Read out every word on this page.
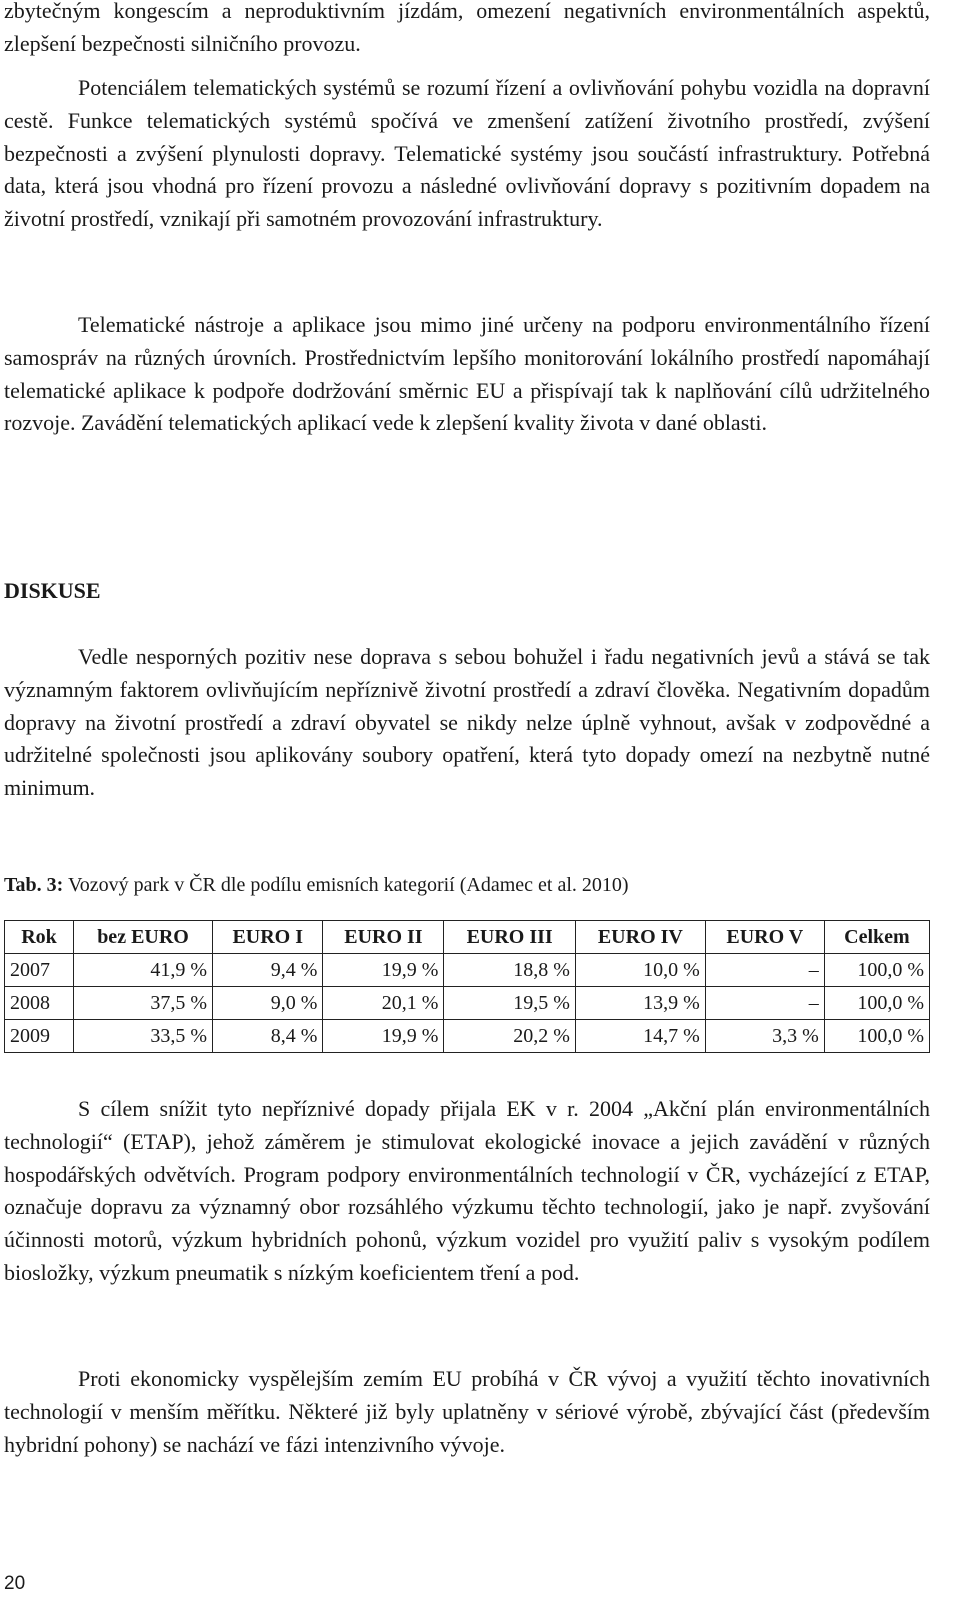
zbytečným kongescím a neproduktivním jízdám, omezení negativních environmentálních aspektů, zlepšení bezpečnosti silničního provozu.

Potenciálem telematických systémů se rozumí řízení a ovlivňování pohybu vozidla na dopravní cestě. Funkce telematických systémů spočívá ve zmenšení zatížení životního prostředí, zvýšení bezpečnosti a zvýšení plynulosti dopravy. Telematické systémy jsou součástí infrastruktury. Potřebná data, která jsou vhodná pro řízení provozu a následné ovlivňování dopravy s pozitivním dopadem na životní prostředí, vznikají při samotném provozování infrastruktury.

Telematické nástroje a aplikace jsou mimo jiné určeny na podporu environmentálního řízení samospráv na různých úrovních. Prostřednictvím lepšího monitorování lokálního prostředí napomáhají telematické aplikace k podpoře dodržování směrnic EU a přispívají tak k naplňování cílů udržitelného rozvoje. Zavádění telematických aplikací vede k zlepšení kvality života v dané oblasti.

DISKUSE

Vedle nesporných pozitiv nese doprava s sebou bohužel i řadu negativních jevů a stává se tak významným faktorem ovlivňujícím nepříznivě životní prostředí a zdraví člověka. Negativním dopadům dopravy na životní prostředí a zdraví obyvatel se nikdy nelze úplně vyhnout, avšak v zodpovědné a udržitelné společnosti jsou aplikovány soubory opatření, která tyto dopady omezí na nezbytně nutné minimum.

Tab. 3: Vozový park v ČR dle podílu emisních kategorií (Adamec et al. 2010)
Rok	bez EURO	EURO I	EURO II	EURO III	EURO IV	EURO V	Celkem
2007	41,9 %	9,4 %	19,9 %	18,8 %	10,0 %	–	100,0 %
2008	37,5 %	9,0 %	20,1 %	19,5 %	13,9 %	–	100,0 %
2009	33,5 %	8,4 %	19,9 %	20,2 %	14,7 %	3,3 %	100,0 %

S cílem snížit tyto nepříznivé dopady přijala EK v r. 2004 „Akční plán environmentálních technologií“ (ETAP), jehož záměrem je stimulovat ekologické inovace a jejich zavádění v různých hospodářských odvětvích. Program podpory environmentálních technologií v ČR, vycházející z ETAP, označuje dopravu za významný obor rozsáhlého výzkumu těchto technologií, jako je např. zvyšování účinnosti motorů, výzkum hybridních pohonů, výzkum vozidel pro využití paliv s vysokým podílem biosložky, výzkum pneumatik s nízkým koeficientem tření a pod.

Proti ekonomicky vyspělejším zemím EU probíhá v ČR vývoj a využití těchto inovativních technologií v menším měřítku. Některé již byly uplatněny v sériové výrobě, zbývající část (především hybridní pohony) se nachází ve fázi intenzivního vývoje.

20
